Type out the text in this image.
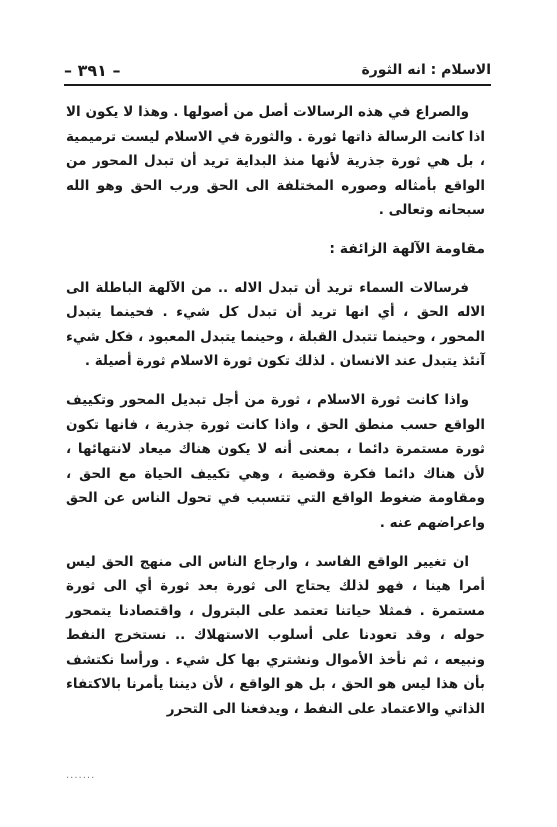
الاسلام : انه الثورة
– ٣٩١ –

والصراع في هذه الرسالات أصل من أصولها . وهذا لا يكون الا اذا كانت الرسالة ذاتها ثورة . والثورة في الاسلام ليست ترميمية ، بل هي ثورة جذرية لأنها منذ البداية تريد أن تبدل المحور من الواقع بأمثاله وصوره المختلفة الى الحق ورب الحق وهو الله سبحانه وتعالى .

مقاومة الآلهة الزائفة :

فرسالات السماء تريد أن تبدل الاله .. من الآلهة الباطلة الى الاله الحق ، أي انها تريد أن تبدل كل شيء . فحينما يتبدل المحور ، وحينما تتبدل القبلة ، وحينما يتبدل المعبود ، فكل شيء آنئذ يتبدل عند الانسان . لذلك تكون ثورة الاسلام ثورة أصيلة .

واذا كانت ثورة الاسلام ، ثورة من أجل تبديل المحور وتكييف الواقع حسب منطق الحق ، واذا كانت ثورة جذرية ، فانها تكون ثورة مستمرة دائما ، بمعنى أنه لا يكون هناك ميعاد لانتهائها ، لأن هناك دائما فكرة وقضية ، وهي تكييف الحياة مع الحق ، ومقاومة ضغوط الواقع التي تتسبب في تحول الناس عن الحق واعراضهم عنه .

ان تغيير الواقع الفاسد ، وارجاع الناس الى منهج الحق ليس أمرا هينا ، فهو لذلك يحتاج الى ثورة بعد ثورة أي الى ثورة مستمرة . فمثلا حياتنا تعتمد على البترول ، واقتصادنا يتمحور حوله ، وقد تعودنا على أسلوب الاستهلاك .. نستخرج النفط ونبيعه ، ثم نأخذ الأموال ونشتري بها كل شيء . ورأسا نكتشف بأن هذا ليس هو الحق ، بل هو الواقع ، لأن ديننا يأمرنا بالاكتفاء الذاتي والاعتماد على النفط ، ويدفعنا الى التحرر

.......
